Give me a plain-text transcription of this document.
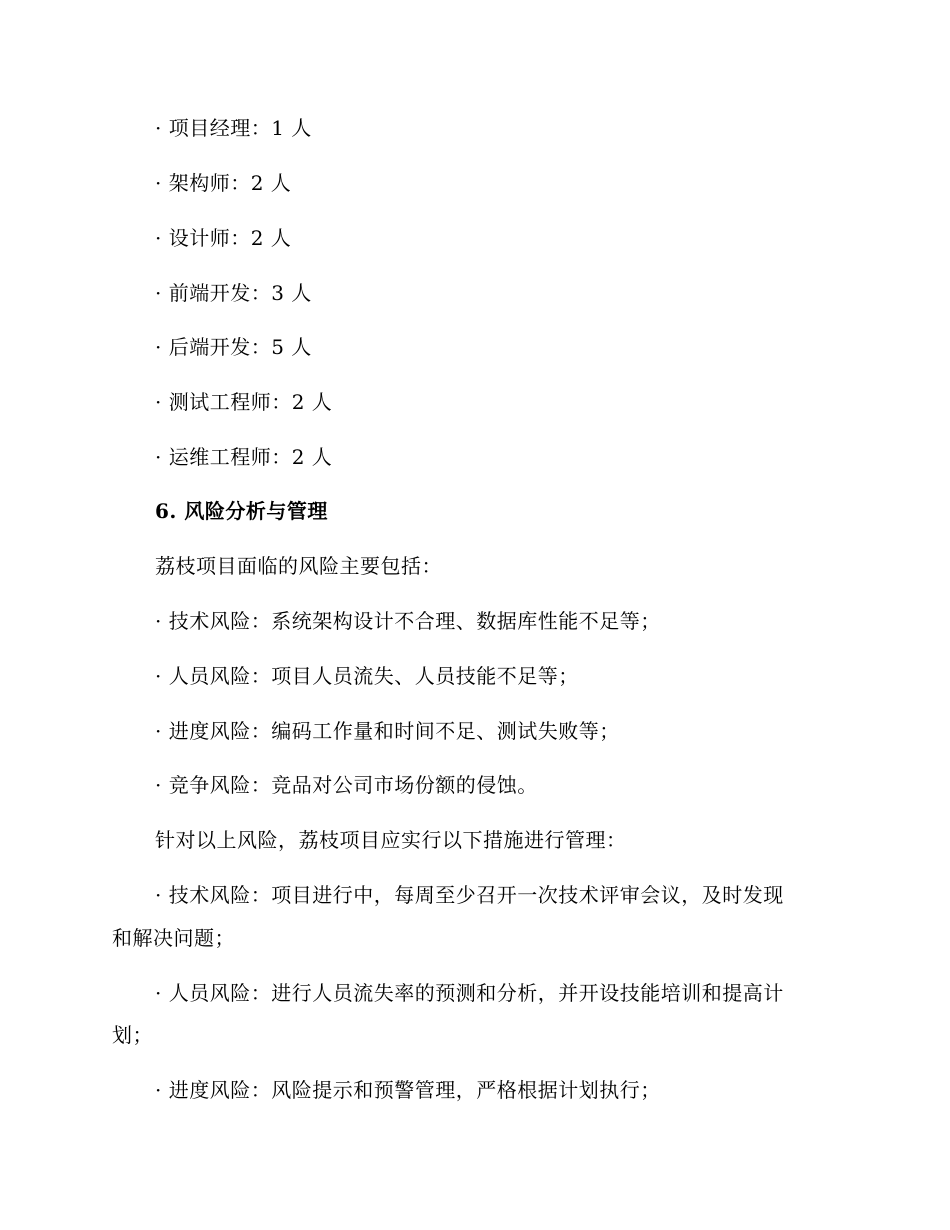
· 项目经理：1 人
· 架构师：2 人
· 设计师：2 人
· 前端开发：3 人
· 后端开发：5 人
· 测试工程师：2 人
· 运维工程师：2 人
6. 风险分析与管理
荔枝项目面临的风险主要包括：
· 技术风险：系统架构设计不合理、数据库性能不足等；
· 人员风险：项目人员流失、人员技能不足等；
· 进度风险：编码工作量和时间不足、测试失败等；
· 竞争风险：竞品对公司市场份额的侵蚀。
针对以上风险，荔枝项目应实行以下措施进行管理：
· 技术风险：项目进行中，每周至少召开一次技术评审会议，及时发现
和解决问题；
· 人员风险：进行人员流失率的预测和分析，并开设技能培训和提高计
划；
· 进度风险：风险提示和预警管理，严格根据计划执行；
